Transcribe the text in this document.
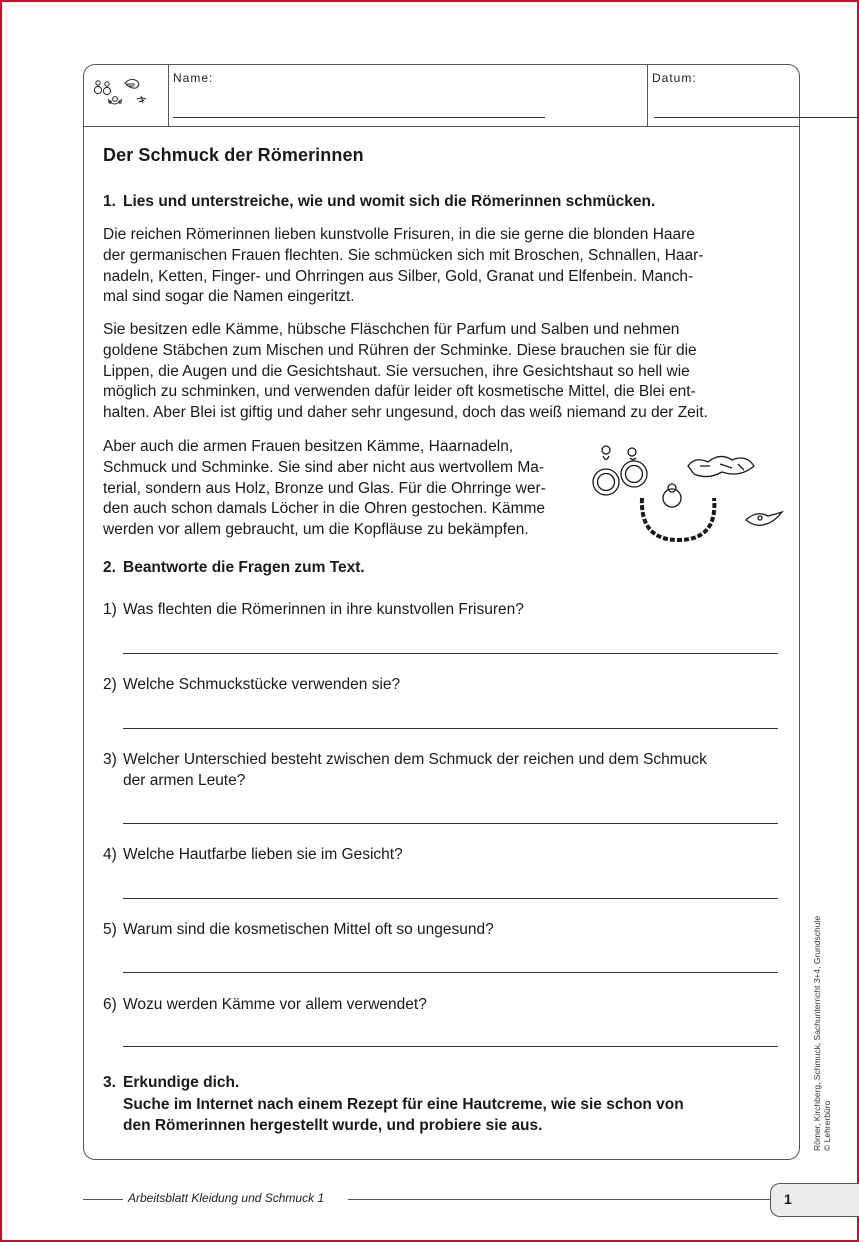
Name:	Datum:
Der Schmuck der Römerinnen
1. Lies und unterstreiche, wie und womit sich die Römerinnen schmücken.
Die reichen Römerinnen lieben kunstvolle Frisuren, in die sie gerne die blonden Haare
der germanischen Frauen flechten. Sie schmücken sich mit Broschen, Schnallen, Haar-
nadeln, Ketten, Finger- und Ohrringen aus Silber, Gold, Granat und Elfenbein. Manch-
mal sind sogar die Namen eingeritzt.
Sie besitzen edle Kämme, hübsche Fläschchen für Parfum und Salben und nehmen
goldene Stäbchen zum Mischen und Rühren der Schminke. Diese brauchen sie für die
Lippen, die Augen und die Gesichtshaut. Sie versuchen, ihre Gesichtshaut so hell wie
möglich zu schminken, und verwenden dafür leider oft kosmetische Mittel, die Blei ent-
halten. Aber Blei ist giftig und daher sehr ungesund, doch das weiß niemand zu der Zeit.
Aber auch die armen Frauen besitzen Kämme, Haarnadeln,
Schmuck und Schminke. Sie sind aber nicht aus wertvollem Ma-
terial, sondern aus Holz, Bronze und Glas. Für die Ohrringe wer-
den auch schon damals Löcher in die Ohren gestochen. Kämme
werden vor allem gebraucht, um die Kopfläuse zu bekämpfen.
2. Beantworte die Fragen zum Text.
1) Was flechten die Römerinnen in ihre kunstvollen Frisuren?
2) Welche Schmuckstücke verwenden sie?
3) Welcher Unterschied besteht zwischen dem Schmuck der reichen und dem Schmuck
der armen Leute?
4) Welche Hautfarbe lieben sie im Gesicht?
5) Warum sind die kosmetischen Mittel oft so ungesund?
6) Wozu werden Kämme vor allem verwendet?
3. Erkundige dich.
Suche im Internet nach einem Rezept für eine Hautcreme, wie sie schon von
den Römerinnen hergestellt wurde, und probiere sie aus.	Römer, Kirchberg, Schmuck, Sachunterricht 3+4, Grundschule © Lehrerbüro
Arbeitsblatt Kleidung und Schmuck 1	1
